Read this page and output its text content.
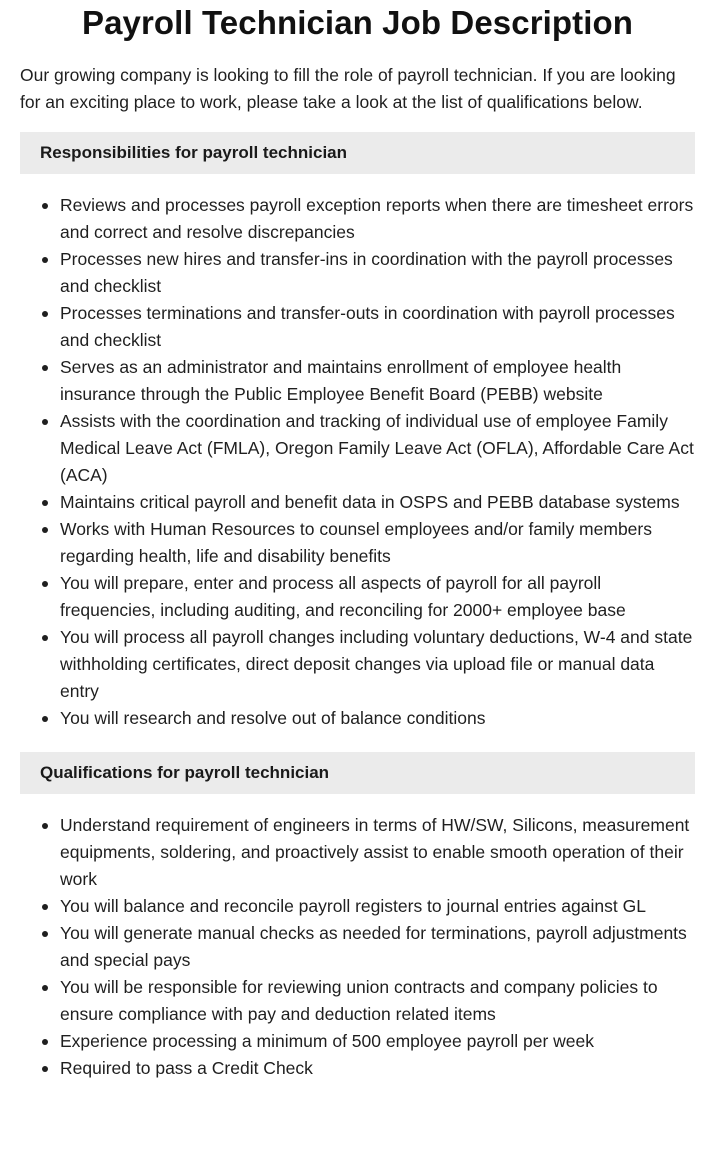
Payroll Technician Job Description

Our growing company is looking to fill the role of payroll technician. If you are looking for an exciting place to work, please take a look at the list of qualifications below.

Responsibilities for payroll technician
Reviews and processes payroll exception reports when there are timesheet errors and correct and resolve discrepancies
Processes new hires and transfer-ins in coordination with the payroll processes and checklist
Processes terminations and transfer-outs in coordination with payroll processes and checklist
Serves as an administrator and maintains enrollment of employee health insurance through the Public Employee Benefit Board (PEBB) website
Assists with the coordination and tracking of individual use of employee Family Medical Leave Act (FMLA), Oregon Family Leave Act (OFLA), Affordable Care Act (ACA)
Maintains critical payroll and benefit data in OSPS and PEBB database systems
Works with Human Resources to counsel employees and/or family members regarding health, life and disability benefits
You will prepare, enter and process all aspects of payroll for all payroll frequencies, including auditing, and reconciling for 2000+ employee base
You will process all payroll changes including voluntary deductions, W-4 and state withholding certificates, direct deposit changes via upload file or manual data entry
You will research and resolve out of balance conditions
Qualifications for payroll technician
Understand requirement of engineers in terms of HW/SW, Silicons, measurement equipments, soldering, and proactively assist to enable smooth operation of their work
You will balance and reconcile payroll registers to journal entries against GL
You will generate manual checks as needed for terminations, payroll adjustments and special pays
You will be responsible for reviewing union contracts and company policies to ensure compliance with pay and deduction related items
Experience processing a minimum of 500 employee payroll per week
Required to pass a Credit Check
